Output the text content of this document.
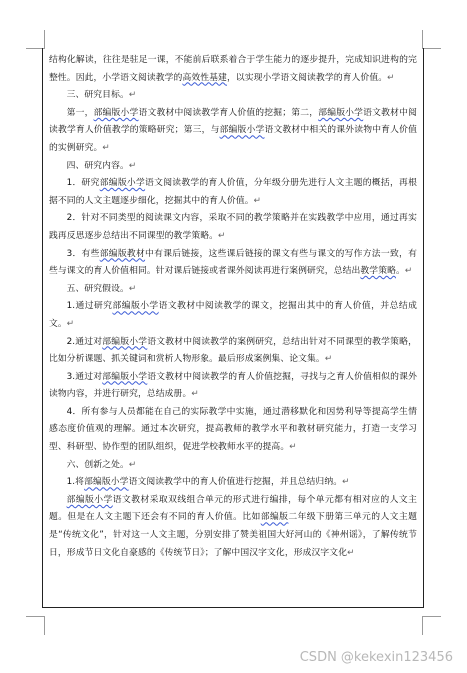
结构化解读，往往是驻足一课，不能前后联系着合于学生能力的逐步提升，完成知识进构的完整性。因此，小学语文阅读教学的高效性基建，以实现小学语文阅读教学的育人价值。↵

三、研究目标。↵

第一，部编版小学语文教材中阅读教学育人价值的挖掘；第二，部编版小学语文教材中阅读教学育人价值教学的策略研究；第三，与部编版小学语文教材中相关的课外读物中育人价值的实例研究。↵

四、研究内容。↵

1．研究部编版小学语文阅读教学的育人价值，分年级分册先进行人文主题的概括，再根据不同的人文主题逐步细化，挖掘其中的育人价值。↵

2．针对不同类型的阅读课文内容，采取不同的教学策略并在实践教学中应用，通过再实践再反思逐步总结出不同课型的教学策略。↵

3．有些部编版教材中有课后链接，这些课后链接的课文有些与课文的写作方法一致，有些与课文的育人价值相同。针对课后链接或者课外阅读再进行案例研究，总结出教学策略。↵

五、研究假设。↵

1.通过研究部编版小学语文教材中阅读教学的课文，挖掘出其中的育人价值，并总结成文。↵

2.通过对部编版小学语文教材中阅读教学的案例研究，总结出针对不同课型的教学策略，比如分析课题、抓关键词和赏析人物形象。最后形成案例集、论文集。↵

3.通过对部编版小学语文教材中阅读教学的育人价值挖掘，寻找与之育人价值相似的课外读物内容，并进行研究，总结成册。↵

4．所有参与人员都能在自己的实际教学中实施，通过潜移默化和因势利导等提高学生情感态度价值观的理解。通过本次研究，提高教师的教学水平和教材研究能力，打造一支学习型、科研型、协作型的团队组织，促进学校教师水平的提高。↵

六、创新之处。↵

1.将部编版小学语文阅读教学中的育人价值进行挖掘，并且总结归纳。↵

部编版小学语文教材采取双线组合单元的形式进行编排，每个单元都有相对应的人文主题。但是在人文主题下还会有不同的育人价值。比如部编版二年级下册第三单元的人文主题是“传统文化”，针对这一人文主题，分别安排了赞美祖国大好河山的《神州谣》，了解传统节日，形成节日文化自豪感的《传统节日》；了解中国汉字文化，形成汉字文化↵

CSDN @kekexin123456
